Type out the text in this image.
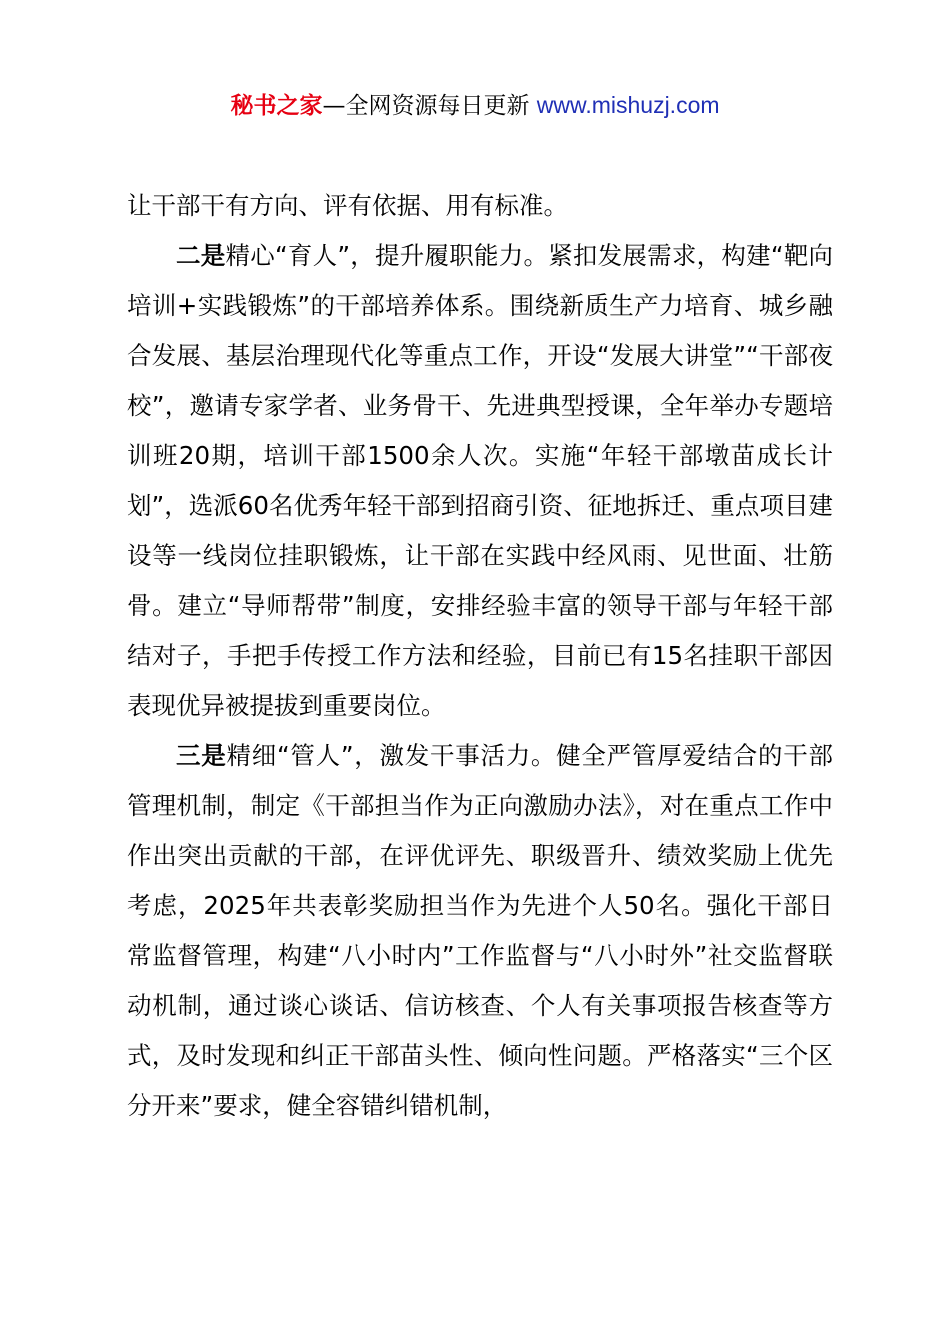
秘书之家—全网资源每日更新 www.mishuzj.com

让干部干有方向、评有依据、用有标准。

二是精心“育人”，提升履职能力。紧扣发展需求，构建“靶向培训+实践锻炼”的干部培养体系。围绕新质生产力培育、城乡融合发展、基层治理现代化等重点工作，开设“发展大讲堂”“干部夜校”，邀请专家学者、业务骨干、先进典型授课，全年举办专题培训班20期，培训干部1500余人次。实施“年轻干部墩苗成长计划”，选派60名优秀年轻干部到招商引资、征地拆迁、重点项目建设等一线岗位挂职锻炼，让干部在实践中经风雨、见世面、壮筋骨。建立“导师帮带”制度，安排经验丰富的领导干部与年轻干部结对子，手把手传授工作方法和经验，目前已有15名挂职干部因表现优异被提拔到重要岗位。

三是精细“管人”，激发干事活力。健全严管厚爱结合的干部管理机制，制定《干部担当作为正向激励办法》，对在重点工作中作出突出贡献的干部，在评优评先、职级晋升、绩效奖励上优先考虑，2025年共表彰奖励担当作为先进个人50名。强化干部日常监督管理，构建“八小时内”工作监督与“八小时外”社交监督联动机制，通过谈心谈话、信访核查、个人有关事项报告核查等方式，及时发现和纠正干部苗头性、倾向性问题。严格落实“三个区分开来”要求，健全容错纠错机制，
